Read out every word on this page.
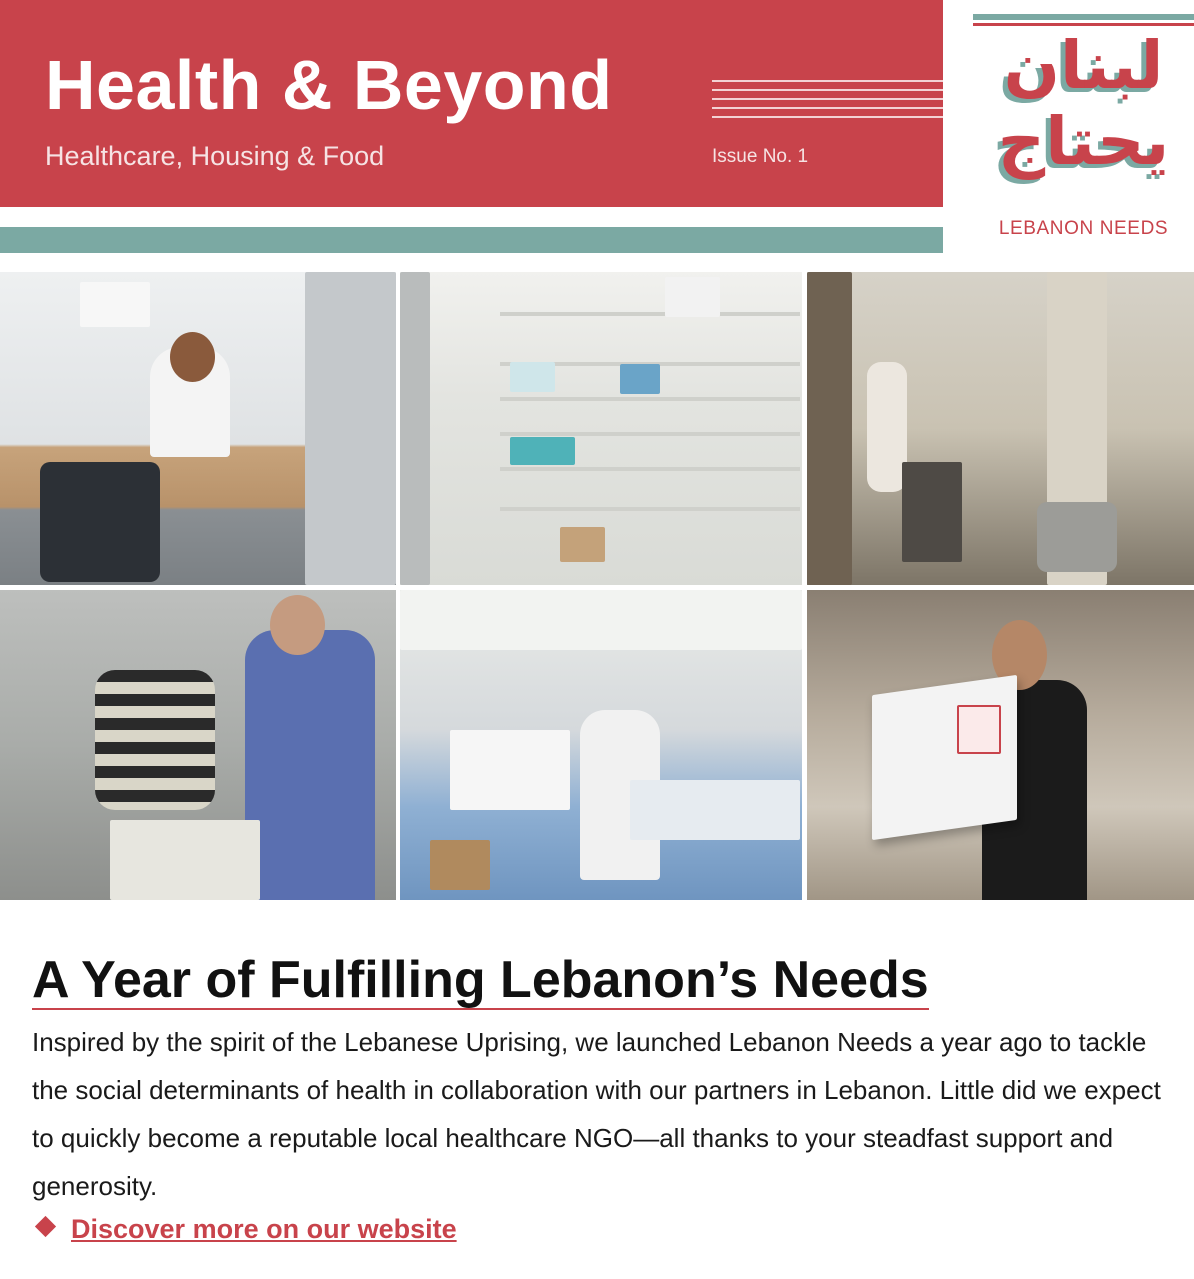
Health & Beyond
Healthcare, Housing & Food	Issue No. 1
لبنان
يحتاج
LEBANON NEEDS
A Year of Fulfilling Lebanon’s Needs
Inspired by the spirit of the Lebanese Uprising, we launched Lebanon Needs a year ago to tackle the social determinants of health in collaboration with our partners in Lebanon. Little did we expect to quickly become a reputable local healthcare NGO—all thanks to your steadfast support and generosity.
Discover more on our website
